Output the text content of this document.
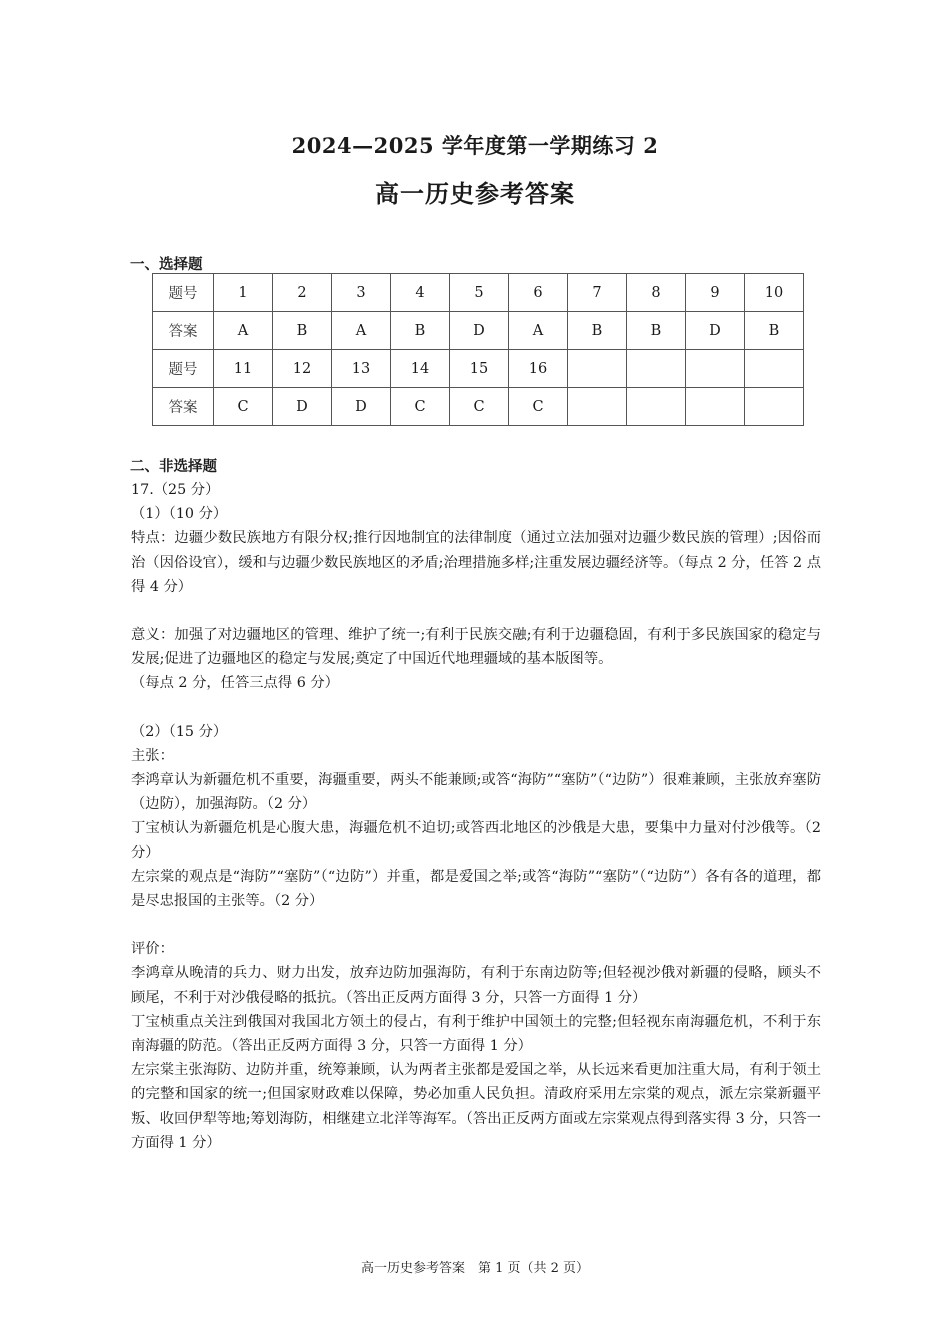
2024—2025 学年度第一学期练习 2
高一历史参考答案
一、选择题
题号	1	2	3	4	5	6	7	8	9	10
答案	A	B	A	B	D	A	B	B	D	B
题号	11	12	13	14	15	16				
答案	C	D	D	C	C	C				
二、非选择题

17.（25 分）

（1）（10 分）

特点：边疆少数民族地方有限分权;推行因地制宜的法律制度（通过立法加强对边疆少数民族的管理）;因俗而治（因俗设官），缓和与边疆少数民族地区的矛盾;治理措施多样;注重发展边疆经济等。（每点 2 分，任答 2 点得 4 分）

意义：加强了对边疆地区的管理、维护了统一;有利于民族交融;有利于边疆稳固，有利于多民族国家的稳定与发展;促进了边疆地区的稳定与发展;奠定了中国近代地理疆域的基本版图等。

（每点 2 分，任答三点得 6 分）

（2）（15 分）

主张：

李鸿章认为新疆危机不重要，海疆重要，两头不能兼顾;或答“海防”“塞防”（“边防”）很难兼顾，主张放弃塞防（边防），加强海防。（2 分）

丁宝桢认为新疆危机是心腹大患，海疆危机不迫切;或答西北地区的沙俄是大患，要集中力量对付沙俄等。（2 分）

左宗棠的观点是“海防”“塞防”（“边防”）并重，都是爱国之举;或答“海防”“塞防”（“边防”）各有各的道理，都是尽忠报国的主张等。（2 分）

评价：

李鸿章从晚清的兵力、财力出发，放弃边防加强海防，有利于东南边防等;但轻视沙俄对新疆的侵略，顾头不顾尾，不利于对沙俄侵略的抵抗。（答出正反两方面得 3 分，只答一方面得 1 分）

丁宝桢重点关注到俄国对我国北方领土的侵占，有利于维护中国领土的完整;但轻视东南海疆危机，不利于东南海疆的防范。（答出正反两方面得 3 分，只答一方面得 1 分）

左宗棠主张海防、边防并重，统筹兼顾，认为两者主张都是爱国之举，从长远来看更加注重大局，有利于领土的完整和国家的统一;但国家财政难以保障，势必加重人民负担。清政府采用左宗棠的观点，派左宗棠新疆平叛、收回伊犁等地;筹划海防，相继建立北洋等海军。（答出正反两方面或左宗棠观点得到落实得 3 分，只答一方面得 1 分）

高一历史参考答案　第 1 页（共 2 页）
